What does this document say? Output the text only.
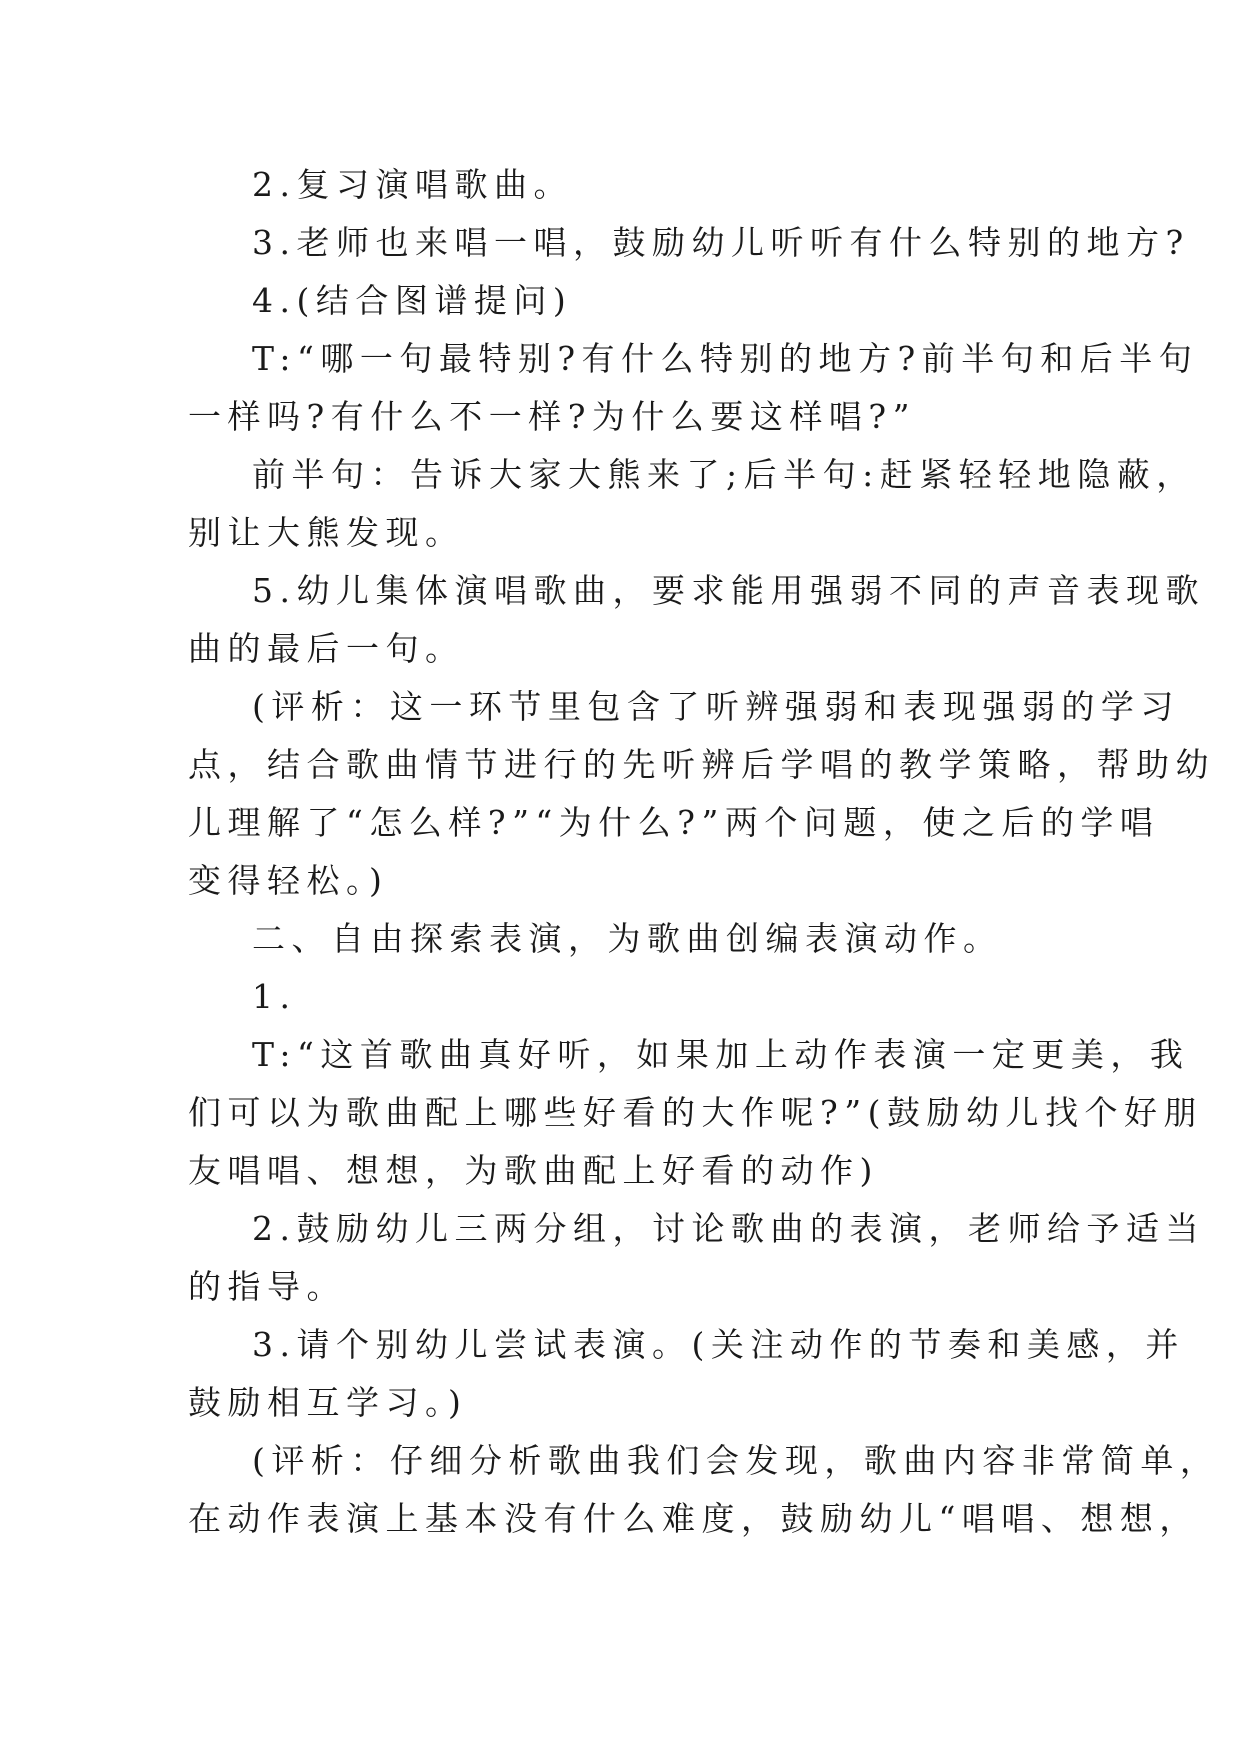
2.复习演唱歌曲。

3.老师也来唱一唱，鼓励幼儿听听有什么特别的地方?

4.(结合图谱提问)

T:“哪一句最特别?有什么特别的地方?前半句和后半句

一样吗?有什么不一样?为什么要这样唱?”

前半句：告诉大家大熊来了;后半句:赶紧轻轻地隐蔽，

别让大熊发现。

5.幼儿集体演唱歌曲，要求能用强弱不同的声音表现歌

曲的最后一句。

(评析：这一环节里包含了听辨强弱和表现强弱的学习

点，结合歌曲情节进行的先听辨后学唱的教学策略，帮助幼

儿理解了“怎么样?”“为什么?”两个问题，使之后的学唱

变得轻松。)

二、自由探索表演，为歌曲创编表演动作。

1.

T:“这首歌曲真好听，如果加上动作表演一定更美，我

们可以为歌曲配上哪些好看的大作呢?”(鼓励幼儿找个好朋

友唱唱、想想，为歌曲配上好看的动作)

2.鼓励幼儿三两分组，讨论歌曲的表演，老师给予适当

的指导。

3.请个别幼儿尝试表演。(关注动作的节奏和美感，并

鼓励相互学习。)

(评析：仔细分析歌曲我们会发现，歌曲内容非常简单，

在动作表演上基本没有什么难度，鼓励幼儿“唱唱、想想，
